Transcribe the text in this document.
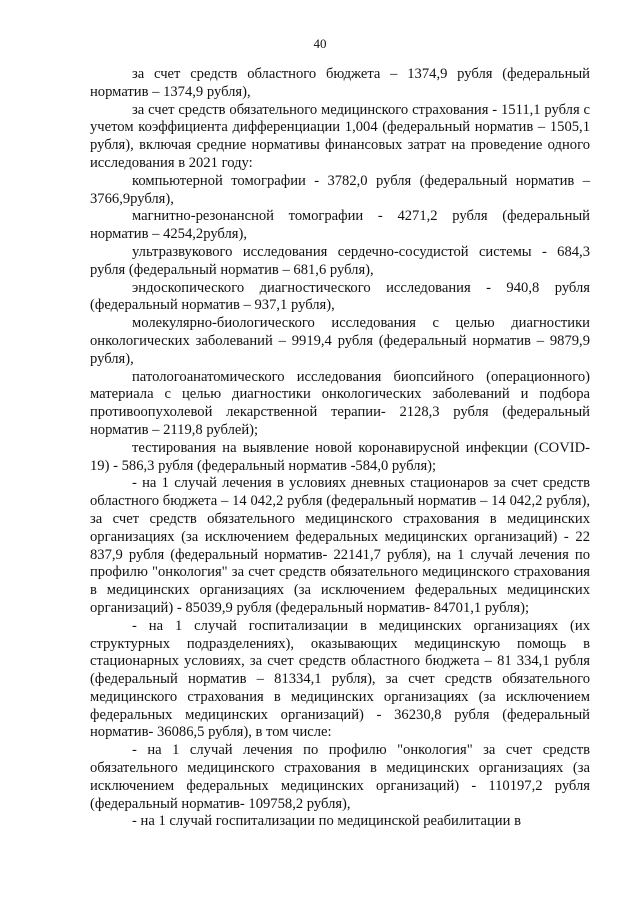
40

за счет средств областного бюджета – 1374,9 рубля (федеральный норматив – 1374,9 рубля),

за счет средств обязательного медицинского страхования - 1511,1 рубля с учетом коэффициента дифференциации 1,004 (федеральный норматив – 1505,1 рубля), включая средние нормативы финансовых затрат на проведение одного исследования в 2021 году:

компьютерной томографии - 3782,0 рубля (федеральный норматив – 3766,9рубля),

магнитно-резонансной томографии - 4271,2 рубля (федеральный норматив – 4254,2рубля),

ультразвукового исследования сердечно-сосудистой системы - 684,3 рубля (федеральный норматив – 681,6 рубля),

эндоскопического диагностического исследования - 940,8 рубля (федеральный норматив – 937,1 рубля),

молекулярно-биологического исследования с целью диагностики онкологических заболеваний – 9919,4 рубля (федеральный норматив – 9879,9 рубля),

патологоанатомического исследования биопсийного (операционного) материала с целью диагностики онкологических заболеваний и подбора противоопухолевой лекарственной терапии- 2128,3 рубля (федеральный норматив – 2119,8 рублей);

тестирования на выявление новой коронавирусной инфекции (COVID-19) - 586,3 рубля (федеральный норматив -584,0 рубля);

- на 1 случай лечения в условиях дневных стационаров за счет средств областного бюджета – 14 042,2 рубля (федеральный норматив – 14 042,2 рубля), за счет средств обязательного медицинского страхования в медицинских организациях (за исключением федеральных медицинских организаций) - 22 837,9 рубля (федеральный норматив- 22141,7 рубля), на 1 случай лечения по профилю "онкология" за счет средств обязательного медицинского страхования в медицинских организациях (за исключением федеральных медицинских организаций) - 85039,9 рубля (федеральный норматив- 84701,1 рубля);

- на 1 случай госпитализации в медицинских организациях (их структурных подразделениях), оказывающих медицинскую помощь в стационарных условиях, за счет средств областного бюджета – 81 334,1 рубля (федеральный норматив – 81334,1 рубля), за счет средств обязательного медицинского страхования в медицинских организациях (за исключением федеральных медицинских организаций) - 36230,8 рубля (федеральный норматив- 36086,5 рубля), в том числе:

- на 1 случай лечения по профилю "онкология" за счет средств обязательного медицинского страхования в медицинских организациях (за исключением федеральных медицинских организаций) - 110197,2 рубля (федеральный норматив- 109758,2 рубля),

- на 1 случай госпитализации по медицинской реабилитации в
